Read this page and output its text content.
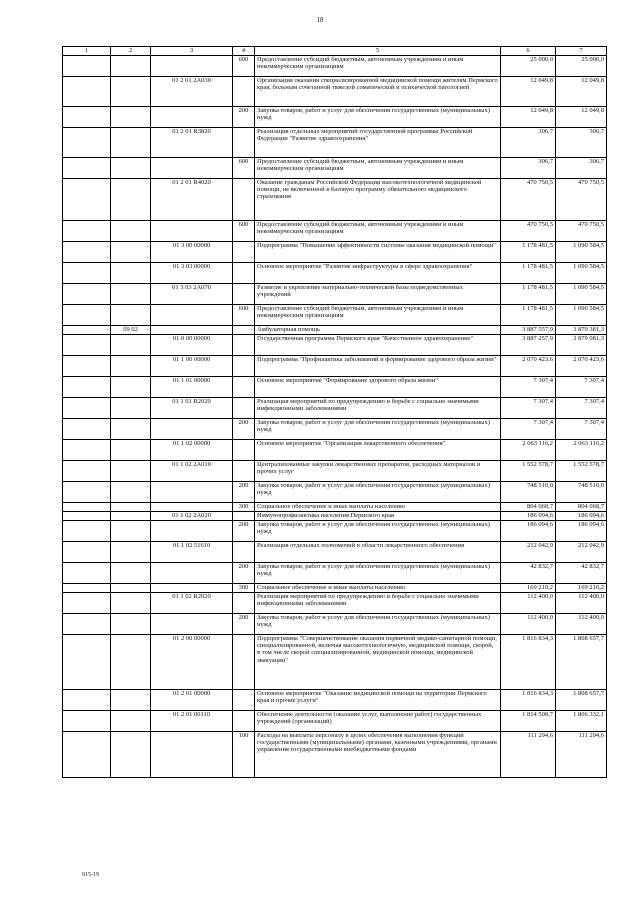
18
1	2	3	4	5	6	7
			600	Предоставление субсидий бюджетным, автономным учреждениям и иным некоммерческим организациям	25 000,0	25 000,0
		01 2 01 2А030		Организация оказания специализированной медицинской помощи жителям Пермского края, больным сочетанной тяжелой соматической и психической патологией	12 049,8	12 049,8
			200	Закупка товаров, работ и услуг для обеспечения государственных (муниципальных) нужд	12 049,8	12 049,8
		01 2 01 R3820		Реализация отдельных мероприятий государственной программы Российской Федерации "Развитие здравоохранения"	306,7	306,7
			600	Предоставление субсидий бюджетным, автономным учреждениям и иным некоммерческим организациям	306,7	306,7
		01 2 01 R4020		Оказание гражданам Российской Федерации высокотехнологичной медицинской помощи, не включенной в базовую программу обязательного медицинского страхования	470 750,5	470 750,5
			600	Предоставление субсидий бюджетным, автономным учреждениям и иным некоммерческим организациям	470 750,5	470 750,5
		01 3 00 00000		Подпрограмма "Повышение эффективности системы оказания медицинской помощи"	1 178 481,5	1 090 584,5
		01 3 03 00000		Основное мероприятие "Развитие инфраструктуры в сфере здравоохранения"	1 178 481,5	1 090 584,5
		01 3 03 2А070		Развитие и укрепление материально-технической базы подведомственных учреждений	1 178 481,5	1 090 584,5
			600	Предоставление субсидий бюджетным, автономным учреждениям и иным некоммерческим организациям	1 178 481,5	1 090 584,5
	09 02			Амбулаторная помощь	3 887 557,9	3 879 381,3
		01 0 00 00000		Государственная программа Пермского края "Качественное здравоохранение"	3 887 257,9	3 879 081,3
		01 1 00 00000		Подпрограмма "Профилактика заболеваний и формирование здорового образа жизни"	2 070 423,6	2 070 423,6
		01 1 01 00000		Основное мероприятие "Формирование здорового образа жизни"	7 307,4	7 307,4
		01 1 01 R2020		Реализация мероприятий по предупреждению и борьбе с социально значимыми инфекционными заболеваниями	7 307,4	7 307,4
			200	Закупка товаров, работ и услуг для обеспечения государственных (муниципальных) нужд	7 307,4	7 307,4
		01 1 02 00000		Основное мероприятие "Организация лекарственного обеспечения"	2 063 116,2	2 063 116,2
		01 1 02 2А010		Централизованные закупки лекарственных препаратов, расходных материалов и прочих услуг	1 552 578,7	1 552 578,7
			200	Закупка товаров, работ и услуг для обеспечения государственных (муниципальных) нужд	748 510,0	748 510,0
			300	Социальное обеспечение и иные выплаты населению	804 068,7	804 068,7
		01 1 02 2А020		Иммунопрофилактика населения Пермского края	186 094,6	186 094,6
			200	Закупка товаров, работ и услуг для обеспечения государственных (муниципальных) нужд	186 094,6	186 094,6
		01 1 02 51610		Реализация отдельных полномочий в области лекарственного обеспечения	212 042,9	212 042,9
			200	Закупка товаров, работ и услуг для обеспечения государственных (муниципальных) нужд	42 832,7	42 832,7
			300	Социальное обеспечение и иные выплаты населению	169 210,2	169 210,2
		01 1 02 R2020		Реализация мероприятий по предупреждению и борьбе с социально значимыми инфекционными заболеваниями	112 400,0	112 400,0
			200	Закупка товаров, работ и услуг для обеспечения государственных (муниципальных) нужд	112 400,0	112 400,0
		01 2 00 00000		Подпрограмма "Совершенствование оказания первичной медико-санитарной помощи, специализированной, включая высокотехнологичную, медицинской помощи, скорой, в том числе скорой специализированной, медицинской помощи, медицинской эвакуации"	1 816 834,3	1 808 657,7
		01 2 01 00000		Основное мероприятие "Оказание медицинской помощи на территории Пермского края и прочие услуги"	1 816 834,3	1 808 657,7
		01 2 01 00110		Обеспечение деятельности (оказание услуг, выполнение работ) государственных учреждений (организаций)	1 814 508,7	1 806 332,1
			100	Расходы на выплаты персоналу в целях обеспечения выполнения функций государственными (муниципальными) органами, казенными учреждениями, органами управления государственными внебюджетными фондами	111 294,6	111 294,6
915-19
